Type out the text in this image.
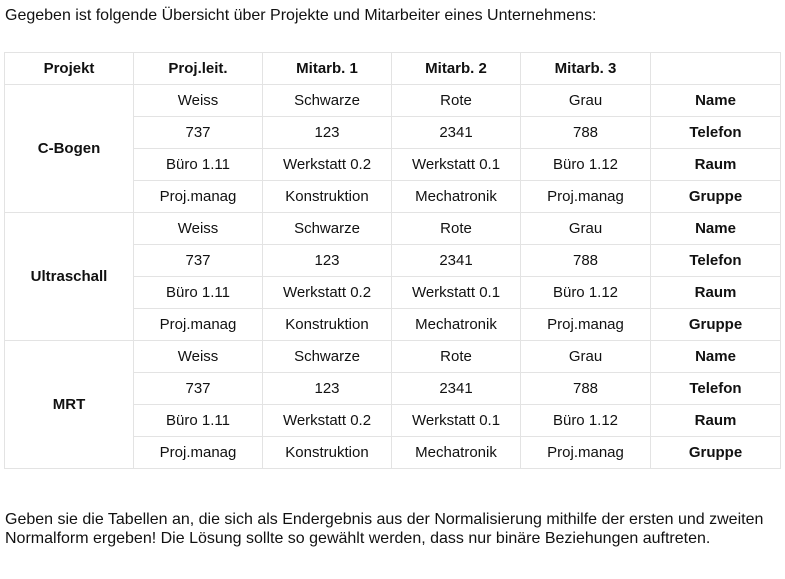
Gegeben ist folgende Übersicht über Projekte und Mitarbeiter eines Unternehmens:
Projekt	Proj.leit.	Mitarb. 1	Mitarb. 2	Mitarb. 3	
C-Bogen	Weiss	Schwarze	Rote	Grau	Name
	737	123	2341	788	Telefon
	Büro 1.11	Werkstatt 0.2	Werkstatt 0.1	Büro 1.12	Raum
	Proj.manag	Konstruktion	Mechatronik	Proj.manag	Gruppe
Ultraschall	Weiss	Schwarze	Rote	Grau	Name
	737	123	2341	788	Telefon
	Büro 1.11	Werkstatt 0.2	Werkstatt 0.1	Büro 1.12	Raum
	Proj.manag	Konstruktion	Mechatronik	Proj.manag	Gruppe
MRT	Weiss	Schwarze	Rote	Grau	Name
	737	123	2341	788	Telefon
	Büro 1.11	Werkstatt 0.2	Werkstatt 0.1	Büro 1.12	Raum
	Proj.manag	Konstruktion	Mechatronik	Proj.manag	Gruppe
Geben sie die Tabellen an, die sich als Endergebnis aus der Normalisierung mithilfe der ersten und zweiten Normalform ergeben! Die Lösung sollte so gewählt werden, dass nur binäre Beziehungen auftreten.
